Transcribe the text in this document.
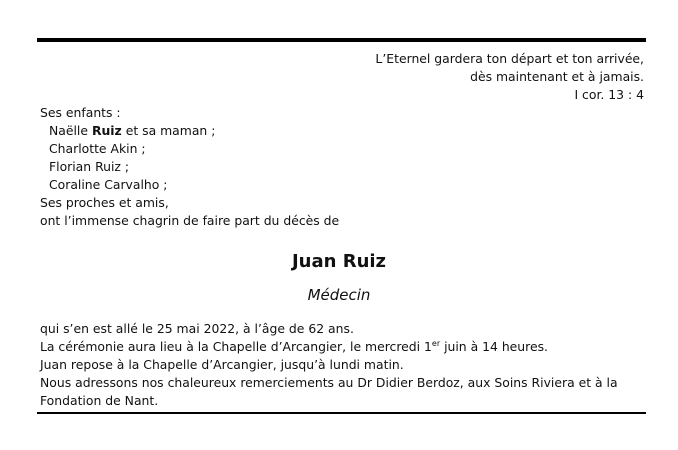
L’Eternel gardera ton départ et ton arrivée,
dès maintenant et à jamais.
I cor. 13 : 4
Ses enfants :
Naëlle Ruiz et sa maman ;
Charlotte Akin ;
Florian Ruiz ;
Coraline Carvalho ;
Ses proches et amis,
ont l’immense chagrin de faire part du décès de
Juan Ruiz
Médecin
qui s’en est allé le 25 mai 2022, à l’âge de 62 ans.
La cérémonie aura lieu à la Chapelle d’Arcangier, le mercredi 1er juin à 14 heures.
Juan repose à la Chapelle d’Arcangier, jusqu’à lundi matin.
Nous adressons nos chaleureux remerciements au Dr Didier Berdoz, aux Soins Riviera et à la
Fondation de Nant.
